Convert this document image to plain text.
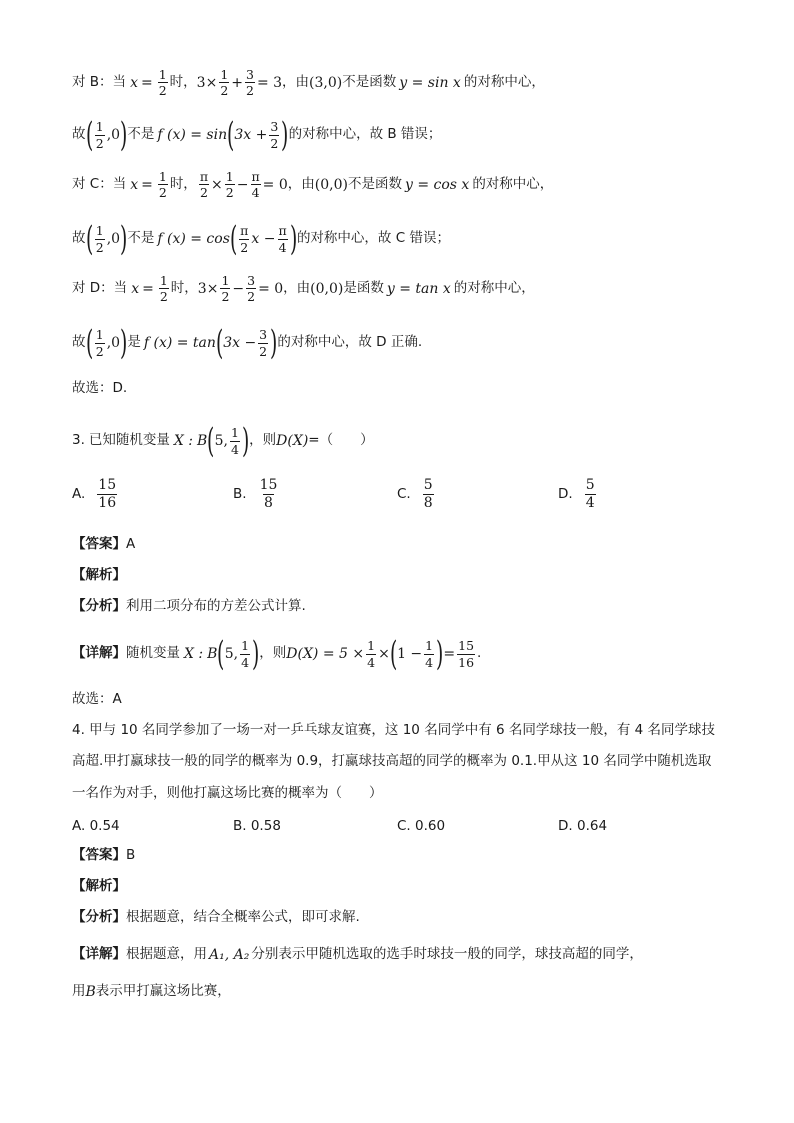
对 B：当 $x = \frac{1}{2}$ 时， $3 \times \frac{1}{2} + \frac{3}{2} = 3$ ，由 (3,0) 不是函数 y = sin x 的对称中心，
故 ( $\frac{1}{2} ,0$ ) 不是 f (x) = sin ( $3x + \frac{3}{2}$ ) 的对称中心，故 B 错误；
对 C：当 $x = \frac{1}{2}$ 时， $\frac{\pi}{2} \times \frac{1}{2} - \frac{\pi}{4} = 0$ ，由 (0,0) 不是函数 y = cos x 的对称中心，
故 ( $\frac{1}{2} ,0$ ) 不是 f (x) = cos ( $\frac{\pi}{2}$ $x - \frac{\pi}{4}$ ) 的对称中心，故 C 错误；
对 D：当 $x = \frac{1}{2}$ 时， $3 \times \frac{1}{2} - \frac{3}{2} = 0$ ，由 (0,0) 是函数 y = tan x 的对称中心，
故 ( $\frac{1}{2} ,0$ ) 是 f (x) = tan ( $3x - \frac{3}{2}$ ) 的对称中心，故 D 正确.
故选：D.
3. 已知随机变量 X : B ( 5, $\frac{1}{4}$ ) ，则 D(X) =（　　）
A. $\frac{15}{16}$	B. $\frac{15}{8}$	C. $\frac{5}{8}$	D. $\frac{5}{4}$
【答案】 A
【解析】
【分析】 利用二项分布的方差公式计算.
【详解】 随机变量 X : B ( 5, $\frac{1}{4}$ ) ，则 $D(X) = 5 \times \frac{1}{4}$ × ( $1 - \frac{1}{4}$ ) = $\frac{15}{16}$ .
故选：A
4. 甲与 10 名同学参加了一场一对一乒乓球友谊赛，这 10 名同学中有 6 名同学球技一般，有 4 名同学球技
高超.甲打赢球技一般的同学的概率为 0.9，打赢球技高超的同学的概率为 0.1.甲从这 10 名同学中随机选取
一名作为对手，则他打赢这场比赛的概率为（　　）
A. 0.54	B. 0.58	C. 0.60	D. 0.64
【答案】 B
【解析】
【分析】 根据题意，结合全概率公式，即可求解.
【详解】 根据题意，用 A₁, A₂ 分别表示甲随机选取的选手时球技一般的同学，球技高超的同学，
用 B 表示甲打赢这场比赛，
